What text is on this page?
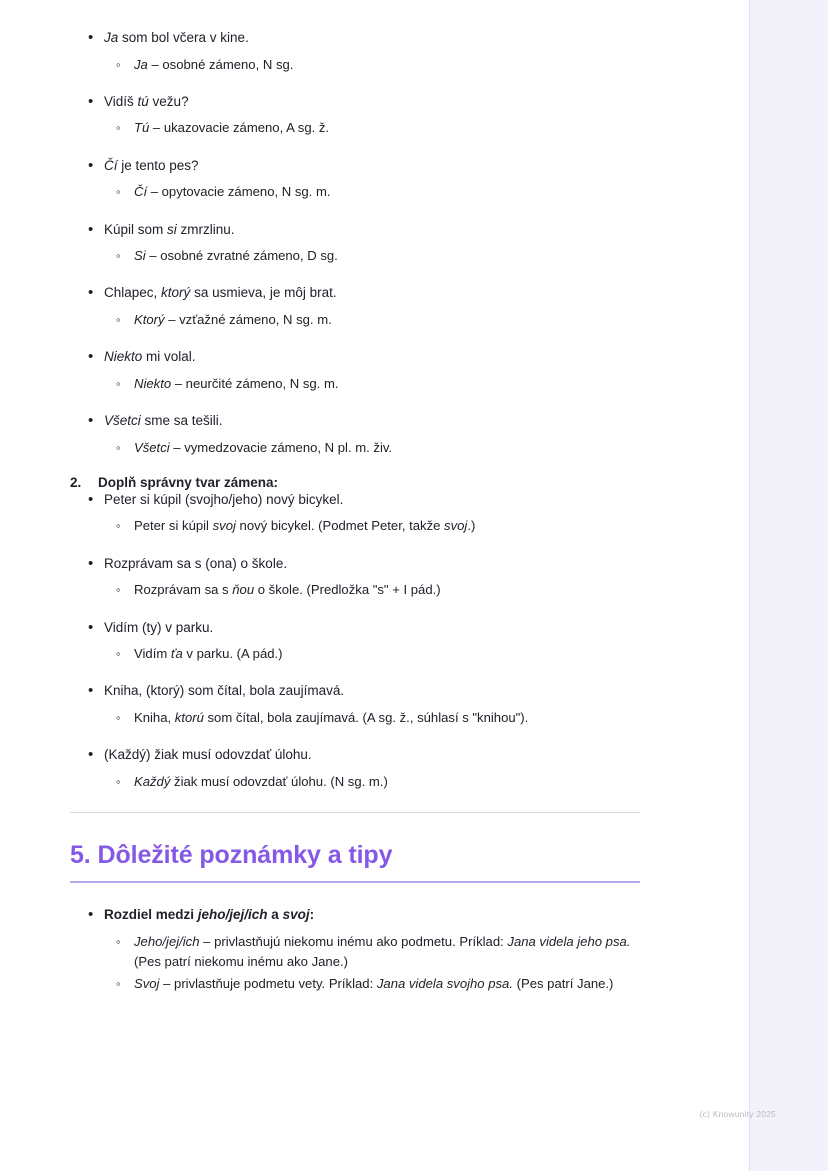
• Ja som bol včera v kine.
◦ Ja – osobné zámeno, N sg.
• Vidíš tú vežu?
◦ Tú – ukazovacie zámeno, A sg. ž.
• Čí je tento pes?
◦ Čí – opytovacie zámeno, N sg. m.
• Kúpil som si zmrzlinu.
◦ Si – osobné zvratné zámeno, D sg.
• Chlapec, ktorý sa usmieva, je môj brat.
◦ Ktorý – vzťažné zámeno, N sg. m.
• Niekto mi volal.
◦ Niekto – neurčité zámeno, N sg. m.
• Všetci sme sa tešili.
◦ Všetci – vymedzovacie zámeno, N pl. m. živ.
2. Doplň správny tvar zámena:
• Peter si kúpil (svojho/jeho) nový bicykel.
◦ Peter si kúpil svoj nový bicykel. (Podmet Peter, takže svoj.)
• Rozprávam sa s (ona) o škole.
◦ Rozprávam sa s ňou o škole. (Predložka "s" + I pád.)
• Vidím (ty) v parku.
◦ Vidím ťa v parku. (A pád.)
• Kniha, (ktorý) som čítal, bola zaujímavá.
◦ Kniha, ktorú som čítal, bola zaujímavá. (A sg. ž., súhlasí s "knihou").
• (Každý) žiak musí odovzdať úlohu.
◦ Každý žiak musí odovzdať úlohu. (N sg. m.)
5. Dôležité poznámky a tipy
• Rozdiel medzi jeho/jej/ich a svoj:
◦ Jeho/jej/ich – privlastňujú niekomu inému ako podmetu. Príklad: Jana videla jeho psa. (Pes patrí niekomu inému ako Jane.)
◦ Svoj – privlastňuje podmetu vety. Príklad: Jana videla svojho psa. (Pes patrí Jane.)
(c) Knowunity 2025
